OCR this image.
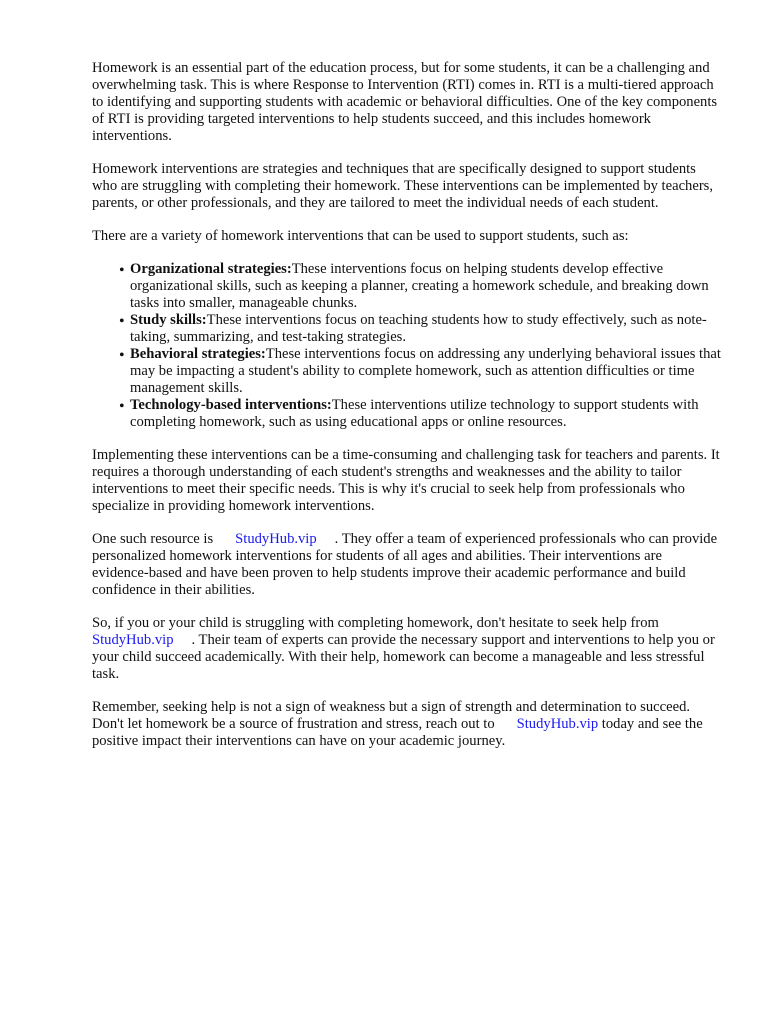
Homework is an essential part of the education process, but for some students, it can be a challenging and overwhelming task. This is where Response to Intervention (RTI) comes in. RTI is a multi-tiered approach to identifying and supporting students with academic or behavioral difficulties. One of the key components of RTI is providing targeted interventions to help students succeed, and this includes homework interventions.

Homework interventions are strategies and techniques that are specifically designed to support students who are struggling with completing their homework. These interventions can be implemented by teachers, parents, or other professionals, and they are tailored to meet the individual needs of each student.

There are a variety of homework interventions that can be used to support students, such as:

• Organizational strategies:These interventions focus on helping students develop effective organizational skills, such as keeping a planner, creating a homework schedule, and breaking down tasks into smaller, manageable chunks.
• Study skills:These interventions focus on teaching students how to study effectively, such as note-taking, summarizing, and test-taking strategies.
• Behavioral strategies:These interventions focus on addressing any underlying behavioral issues that may be impacting a student's ability to complete homework, such as attention difficulties or time management skills.
• Technology-based interventions:These interventions utilize technology to support students with completing homework, such as using educational apps or online resources.

Implementing these interventions can be a time-consuming and challenging task for teachers and parents. It requires a thorough understanding of each student's strengths and weaknesses and the ability to tailor interventions to meet their specific needs. This is why it's crucial to seek help from professionals who specialize in providing homework interventions.

One such resource is StudyHub.vip . They offer a team of experienced professionals who can provide personalized homework interventions for students of all ages and abilities. Their interventions are evidence-based and have been proven to help students improve their academic performance and build confidence in their abilities.

So, if you or your child is struggling with completing homework, don't hesitate to seek help from StudyHub.vip . Their team of experts can provide the necessary support and interventions to help you or your child succeed academically. With their help, homework can become a manageable and less stressful task.

Remember, seeking help is not a sign of weakness but a sign of strength and determination to succeed. Don't let homework be a source of frustration and stress, reach out to StudyHub.vip today and see the positive impact their interventions can have on your academic journey.
